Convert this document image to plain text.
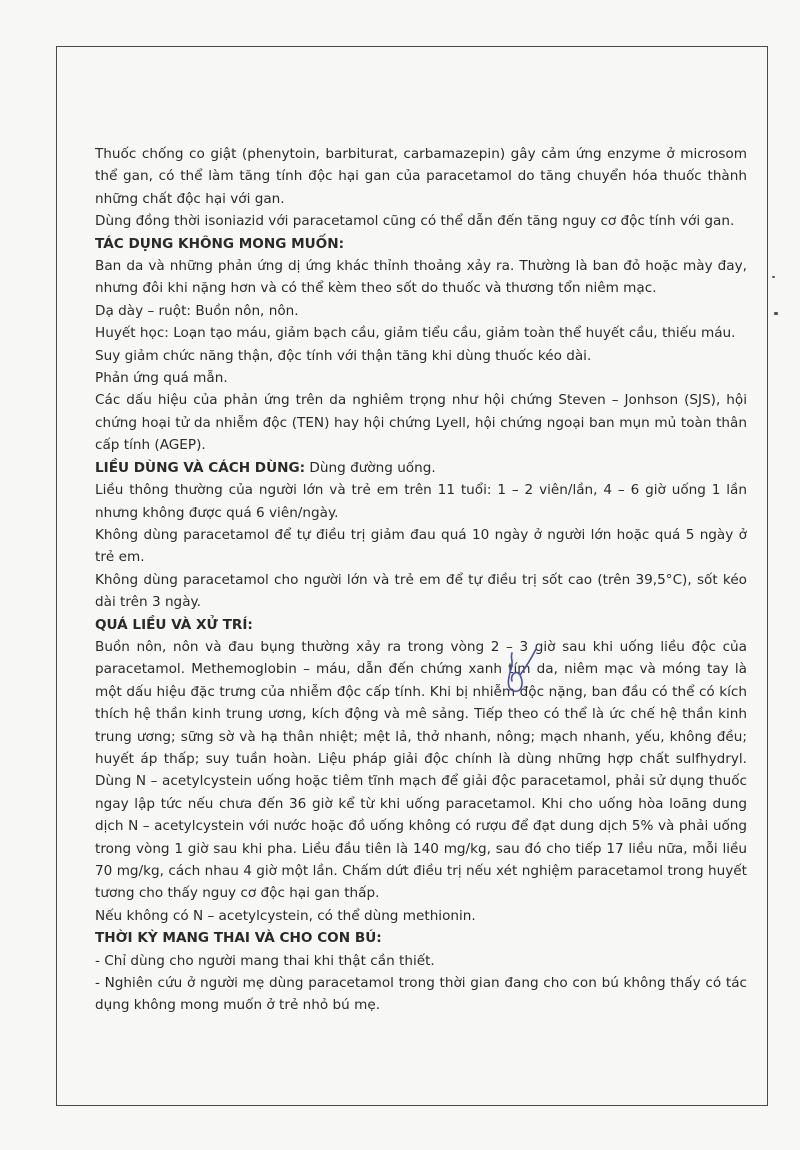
Thuốc chống co giật (phenytoin, barbiturat, carbamazepin) gây cảm ứng enzyme ở microsom thể gan, có thể làm tăng tính độc hại gan của paracetamol do tăng chuyển hóa thuốc thành những chất độc hại với gan.

Dùng đồng thời isoniazid với paracetamol cũng có thể dẫn đến tăng nguy cơ độc tính với gan.

TÁC DỤNG KHÔNG MONG MUỐN:

Ban da và những phản ứng dị ứng khác thỉnh thoảng xảy ra. Thường là ban đỏ hoặc mày đay, nhưng đôi khi nặng hơn và có thể kèm theo sốt do thuốc và thương tổn niêm mạc.

Dạ dày – ruột: Buồn nôn, nôn.

Huyết học: Loạn tạo máu, giảm bạch cầu, giảm tiểu cầu, giảm toàn thể huyết cầu, thiếu máu.

Suy giảm chức năng thận, độc tính với thận tăng khi dùng thuốc kéo dài.

Phản ứng quá mẫn.

Các dấu hiệu của phản ứng trên da nghiêm trọng như hội chứng Steven – Jonhson (SJS), hội chứng hoại tử da nhiễm độc (TEN) hay hội chứng Lyell, hội chứng ngoại ban mụn mủ toàn thân cấp tính (AGEP).

LIỀU DÙNG VÀ CÁCH DÙNG: Dùng đường uống.

Liều thông thường của người lớn và trẻ em trên 11 tuổi: 1 – 2 viên/lần, 4 – 6 giờ uống 1 lần nhưng không được quá 6 viên/ngày.

Không dùng paracetamol để tự điều trị giảm đau quá 10 ngày ở người lớn hoặc quá 5 ngày ở trẻ em.

Không dùng paracetamol cho người lớn và trẻ em để tự điều trị sốt cao (trên 39,5°C), sốt kéo dài trên 3 ngày.

QUÁ LIỀU VÀ XỬ TRÍ:

Buồn nôn, nôn và đau bụng thường xảy ra trong vòng 2 – 3 giờ sau khi uống liều độc của paracetamol. Methemoglobin – máu, dẫn đến chứng xanh tím da, niêm mạc và móng tay là một dấu hiệu đặc trưng của nhiễm độc cấp tính. Khi bị nhiễm độc nặng, ban đầu có thể có kích thích hệ thần kinh trung ương, kích động và mê sảng. Tiếp theo có thể là ức chế hệ thần kinh trung ương; sững sờ và hạ thân nhiệt; mệt lả, thở nhanh, nông; mạch nhanh, yếu, không đều; huyết áp thấp; suy tuần hoàn. Liệu pháp giải độc chính là dùng những hợp chất sulfhydryl. Dùng N – acetylcystein uống hoặc tiêm tĩnh mạch để giải độc paracetamol, phải sử dụng thuốc ngay lập tức nếu chưa đến 36 giờ kể từ khi uống paracetamol. Khi cho uống hòa loãng dung dịch N – acetylcystein với nước hoặc đồ uống không có rượu để đạt dung dịch 5% và phải uống trong vòng 1 giờ sau khi pha. Liều đầu tiên là 140 mg/kg, sau đó cho tiếp 17 liều nữa, mỗi liều 70 mg/kg, cách nhau 4 giờ một lần. Chấm dứt điều trị nếu xét nghiệm paracetamol trong huyết tương cho thấy nguy cơ độc hại gan thấp.

Nếu không có N – acetylcystein, có thể dùng methionin.

THỜI KỲ MANG THAI VÀ CHO CON BÚ:

- Chỉ dùng cho người mang thai khi thật cần thiết.

- Nghiên cứu ở người mẹ dùng paracetamol trong thời gian đang cho con bú không thấy có tác dụng không mong muốn ở trẻ nhỏ bú mẹ.
